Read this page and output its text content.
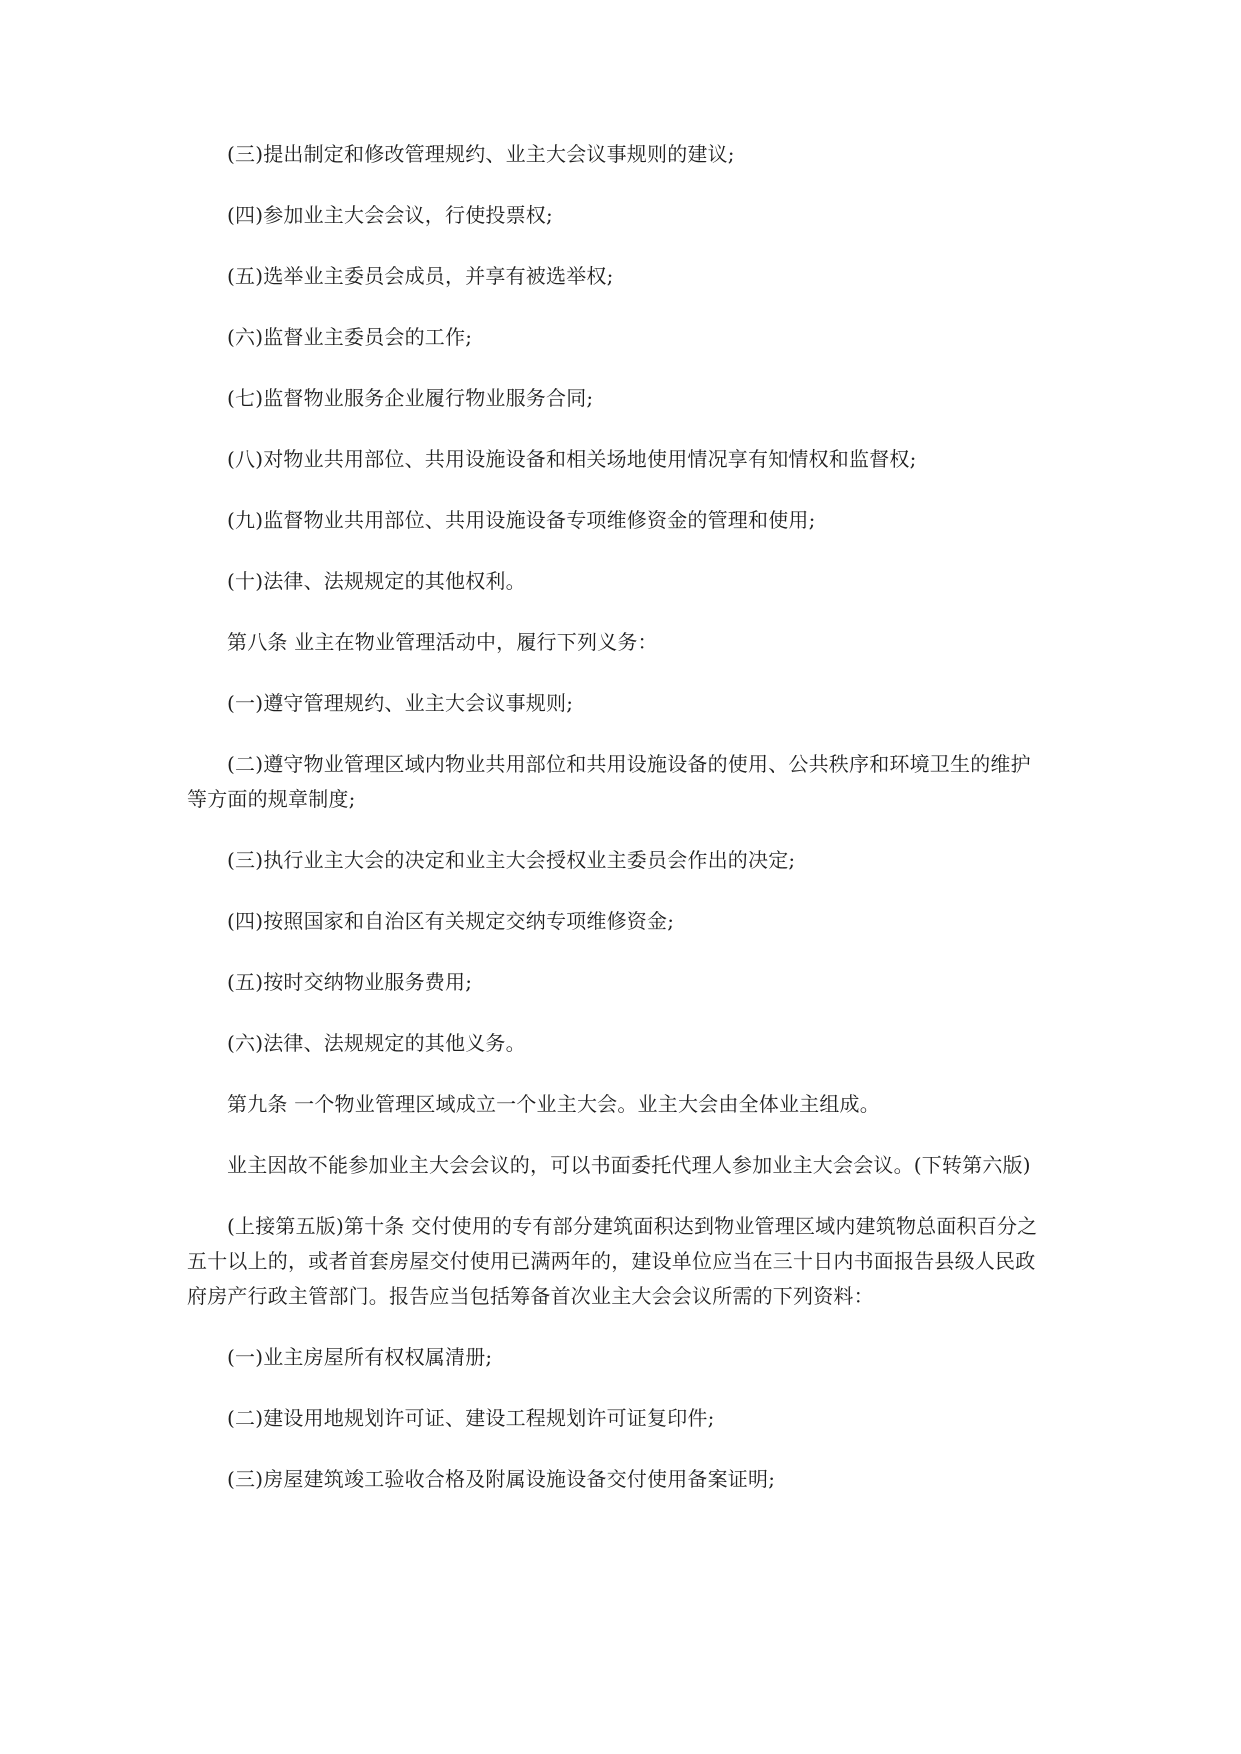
(三)提出制定和修改管理规约、业主大会议事规则的建议;

(四)参加业主大会会议，行使投票权;

(五)选举业主委员会成员，并享有被选举权;

(六)监督业主委员会的工作;

(七)监督物业服务企业履行物业服务合同;

(八)对物业共用部位、共用设施设备和相关场地使用情况享有知情权和监督权;

(九)监督物业共用部位、共用设施设备专项维修资金的管理和使用;

(十)法律、法规规定的其他权利。

第八条 业主在物业管理活动中，履行下列义务：

(一)遵守管理规约、业主大会议事规则;

(二)遵守物业管理区域内物业共用部位和共用设施设备的使用、公共秩序和环境卫生的维护等方面的规章制度;

(三)执行业主大会的决定和业主大会授权业主委员会作出的决定;

(四)按照国家和自治区有关规定交纳专项维修资金;

(五)按时交纳物业服务费用;

(六)法律、法规规定的其他义务。

第九条 一个物业管理区域成立一个业主大会。业主大会由全体业主组成。

业主因故不能参加业主大会会议的，可以书面委托代理人参加业主大会会议。(下转第六版)

(上接第五版)第十条 交付使用的专有部分建筑面积达到物业管理区域内建筑物总面积百分之五十以上的，或者首套房屋交付使用已满两年的，建设单位应当在三十日内书面报告县级人民政府房产行政主管部门。报告应当包括筹备首次业主大会会议所需的下列资料：

(一)业主房屋所有权权属清册;

(二)建设用地规划许可证、建设工程规划许可证复印件;

(三)房屋建筑竣工验收合格及附属设施设备交付使用备案证明;
